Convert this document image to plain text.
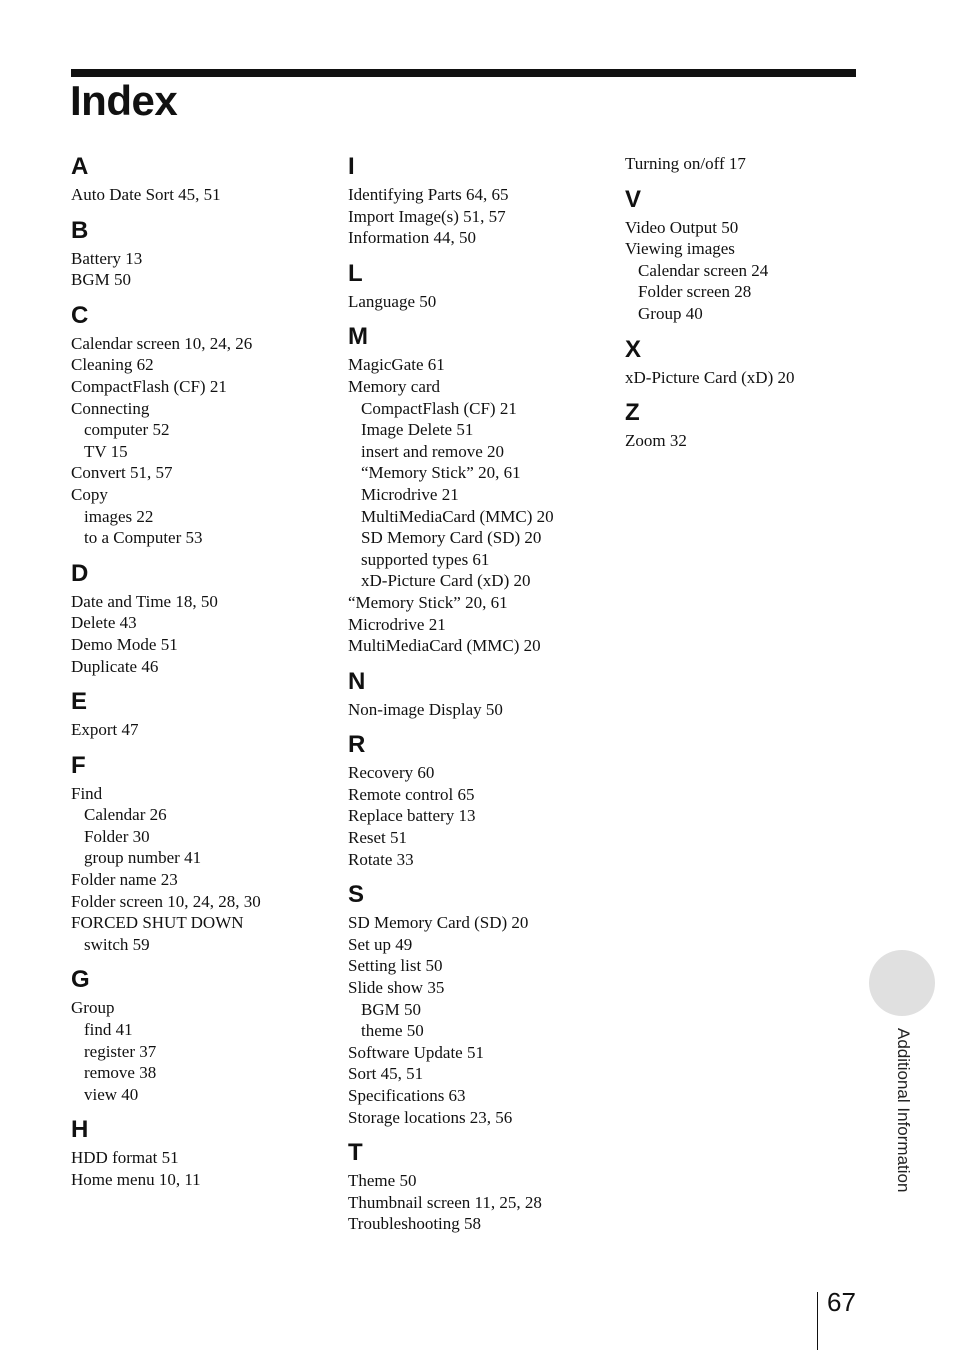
Index
A
Auto Date Sort 45, 51
B
Battery 13
BGM 50
C
Calendar screen 10, 24, 26
Cleaning 62
CompactFlash (CF) 21
Connecting
computer 52
TV 15
Convert 51, 57
Copy
images 22
to a Computer 53
D
Date and Time 18, 50
Delete 43
Demo Mode 51
Duplicate 46
E
Export 47
F
Find
Calendar 26
Folder 30
group number 41
Folder name 23
Folder screen 10, 24, 28, 30
FORCED SHUT DOWN
switch 59
G
Group
find 41
register 37
remove 38
view 40
H
HDD format 51
Home menu 10, 11
I
Identifying Parts 64, 65
Import Image(s) 51, 57
Information 44, 50
L
Language 50
M
MagicGate 61
Memory card
CompactFlash (CF) 21
Image Delete 51
insert and remove 20
“Memory Stick” 20, 61
Microdrive 21
MultiMediaCard (MMC) 20
SD Memory Card (SD) 20
supported types 61
xD-Picture Card (xD) 20
“Memory Stick” 20, 61
Microdrive 21
MultiMediaCard (MMC) 20
N
Non-image Display 50
R
Recovery 60
Remote control 65
Replace battery 13
Reset 51
Rotate 33
S
SD Memory Card (SD) 20
Set up 49
Setting list 50
Slide show 35
BGM 50
theme 50
Software Update 51
Sort 45, 51
Specifications 63
Storage locations 23, 56
T
Theme 50
Thumbnail screen 11, 25, 28
Troubleshooting 58
Turning on/off 17
V
Video Output 50
Viewing images
Calendar screen 24
Folder screen 28
Group 40
X
xD-Picture Card (xD) 20
Z
Zoom 32
Additional Information
67
